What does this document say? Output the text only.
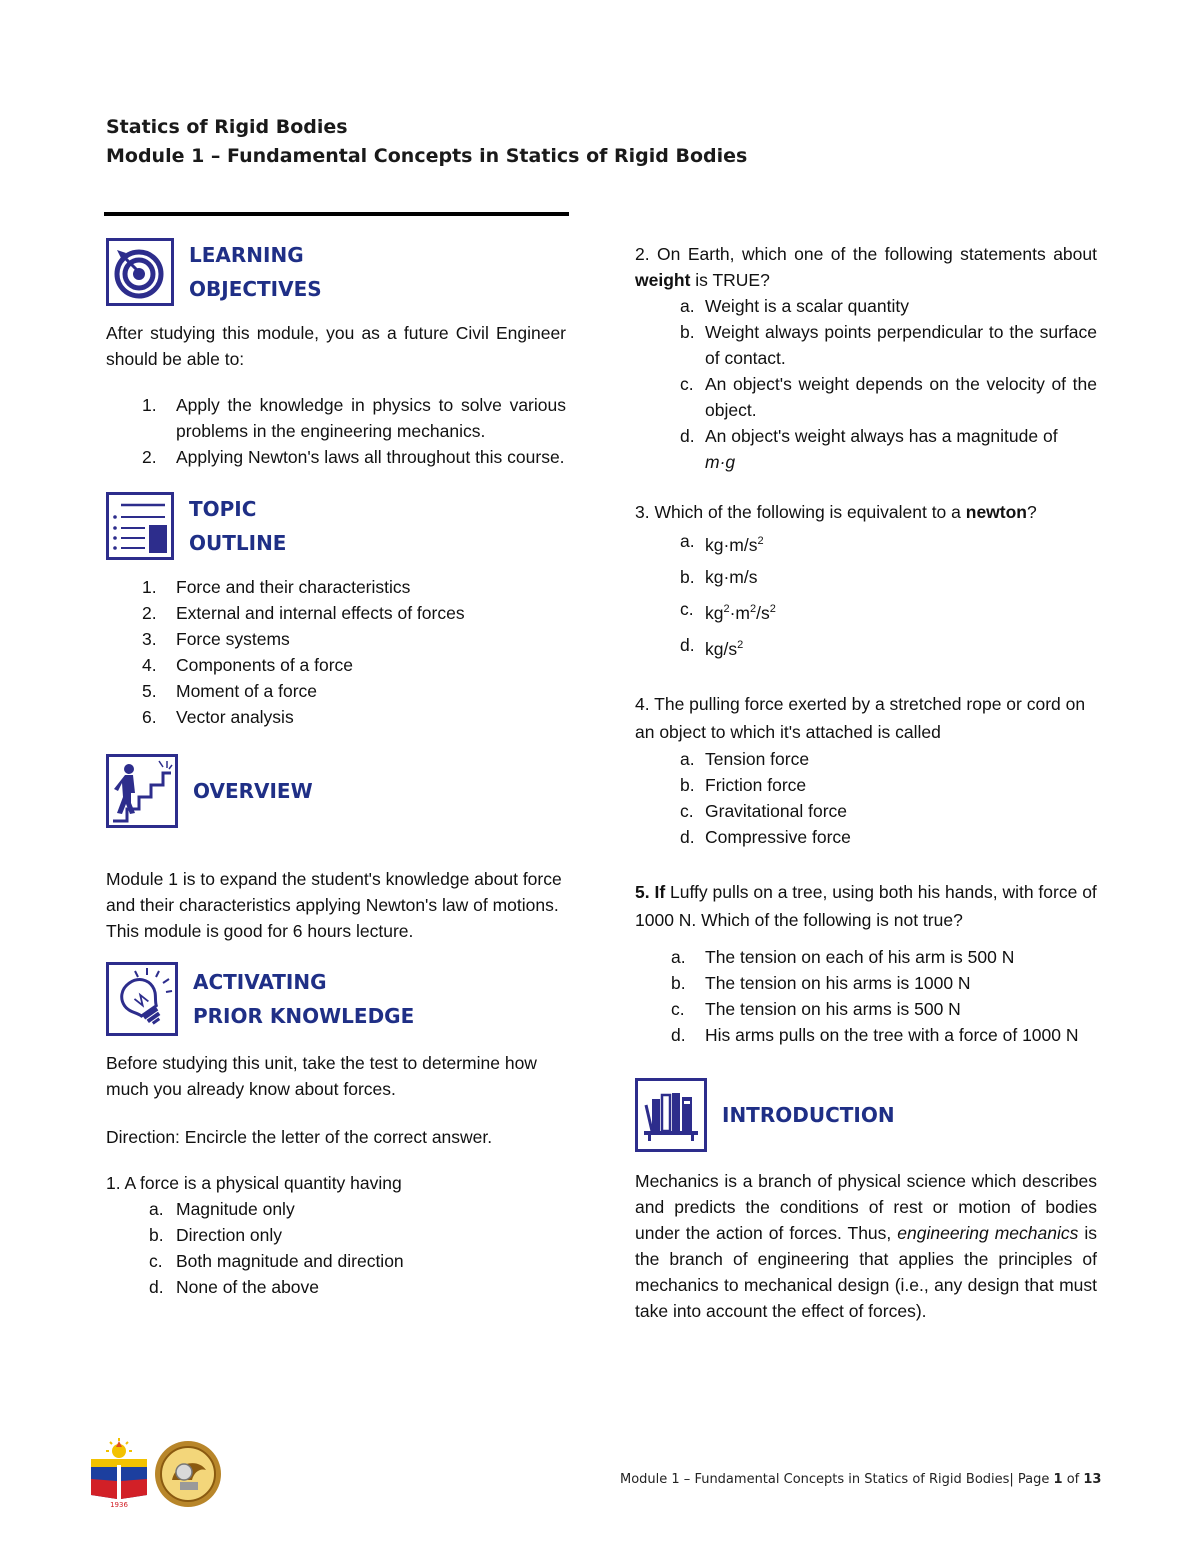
Statics of Rigid Bodies
Module 1 – Fundamental Concepts in Statics of Rigid Bodies
LEARNING
OBJECTIVES

After studying this module, you as a future Civil Engineer should be able to:

1.	Apply the knowledge in physics to solve various problems in the engineering mechanics.
2.	Applying Newton's laws all throughout this course.
TOPIC
OUTLINE
1.	Force and their characteristics
2.	External and internal effects of forces
3.	Force systems
4.	Components of a force
5.	Moment of a force
6.	Vector analysis
OVERVIEW

Module 1 is to expand the student's knowledge about force and their characteristics applying Newton's law of motions. This module is good for 6 hours lecture.

ACTIVATING
PRIOR KNOWLEDGE

Before studying this unit, take the test to determine how much you already know about forces.

Direction: Encircle the letter of the correct answer.

1. A force is a physical quantity having

a. Magnitude only
b. Direction only
c. Both magnitude and direction
d. None of the above

2. On Earth, which one of the following statements about weight is TRUE?

a. Weight is a scalar quantity
b. Weight always points perpendicular to the surface of contact.
c. An object's weight depends on the velocity of the object.
d. An object's weight always has a magnitude of
m·g

3. Which of the following is equivalent to a newton?

a. $kg\cdot m/s^2$
b. kg·m/s
c. $kg^2\cdot m^2/s^2$
d. $kg/s^2$

4. The pulling force exerted by a stretched rope or cord on an object to which it's attached is called

a. Tension force
b. Friction force
c. Gravitational force
d. Compressive force

5. If Luffy pulls on a tree, using both his hands, with force of 1000 N. Which of the following is not true?

a.	The tension on each of his arm is 500 N
b.	The tension on his arms is 1000 N
c.	The tension on his arms is 500 N
d.	His arms pulls on the tree with a force of 1000 N
INTRODUCTION

Mechanics is a branch of physical science which describes and predicts the conditions of rest or motion of bodies under the action of forces. Thus, engineering mechanics is the branch of engineering that applies the principles of mechanics to mechanical design (i.e., any design that must take into account the effect of forces).

1936
Module 1 – Fundamental Concepts in Statics of Rigid Bodies| Page 1 of 13
